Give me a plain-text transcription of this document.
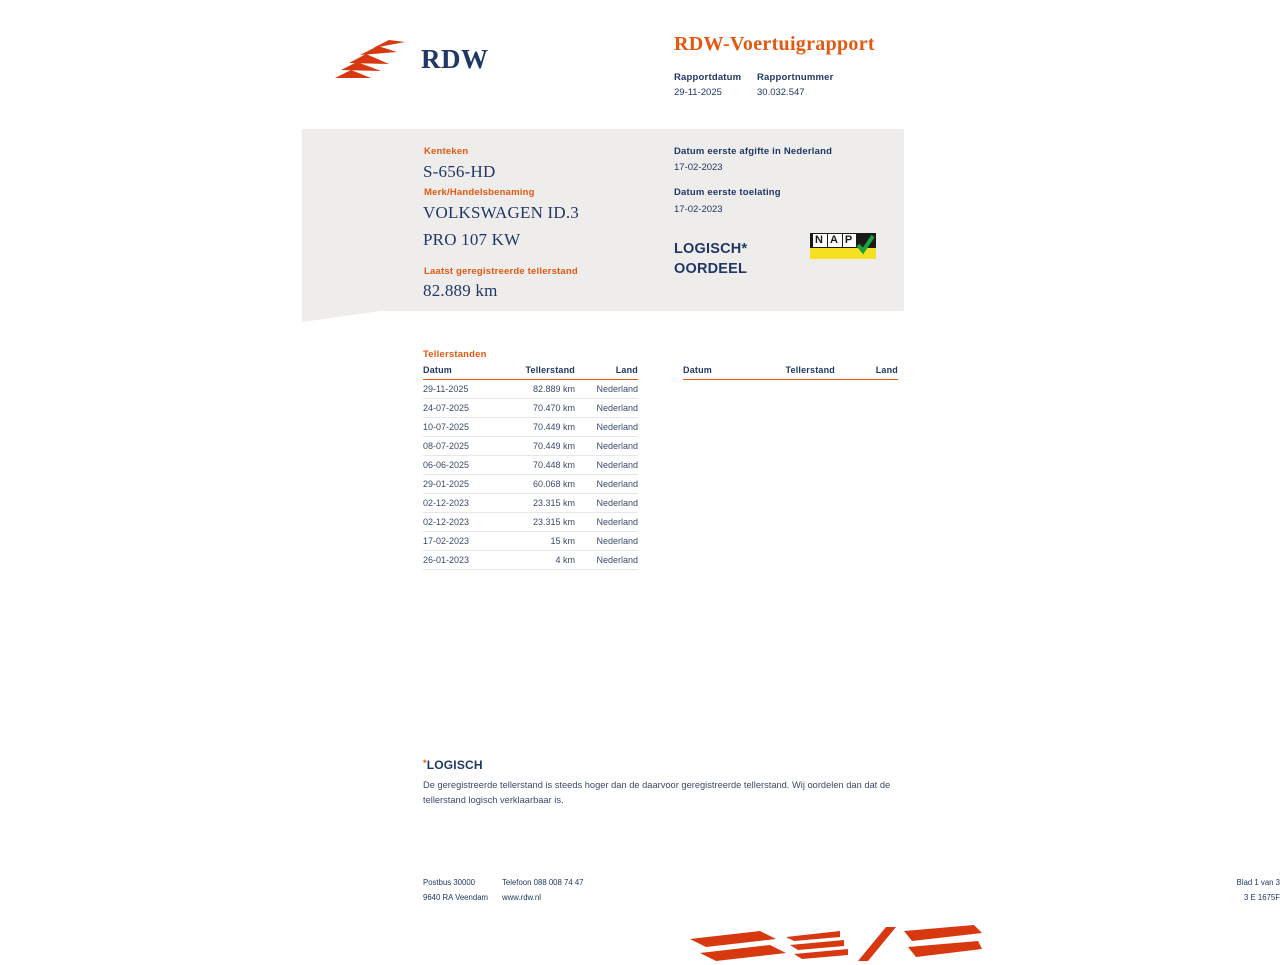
RDW	RDW-Voertuigrapport
Rapportdatum	Rapportnummer
29-11-2025	30.032.547
Kenteken
S-656-HD
Merk/Handelsbenaming
VOLKSWAGEN ID.3
PRO 107 KW
Laatst geregistreerde tellerstand
82.889 km
Datum eerste afgifte in Nederland
17-02-2023
Datum eerste toelating
17-02-2023
LOGISCH*
OORDEEL
N A P
Tellerstanden
Datum	Tellerstand	Land
29-11-2025	82.889 km	Nederland
24-07-2025	70.470 km	Nederland
10-07-2025	70.449 km	Nederland
08-07-2025	70.449 km	Nederland
06-06-2025	70.448 km	Nederland
29-01-2025	60.068 km	Nederland
02-12-2023	23.315 km	Nederland
02-12-2023	23.315 km	Nederland
17-02-2023	15 km	Nederland
26-01-2023	4 km	Nederland
Datum	Tellerstand	Land
*LOGISCH
De geregistreerde tellerstand is steeds hoger dan de daarvoor geregistreerde tellerstand. Wij oordelen dan dat de tellerstand logisch verklaarbaar is.
Postbus 30000	Telefoon 088 008 74 47
9640 RA Veendam	www.rdw.nl
Blad 1 van 3
3 E 1675F
